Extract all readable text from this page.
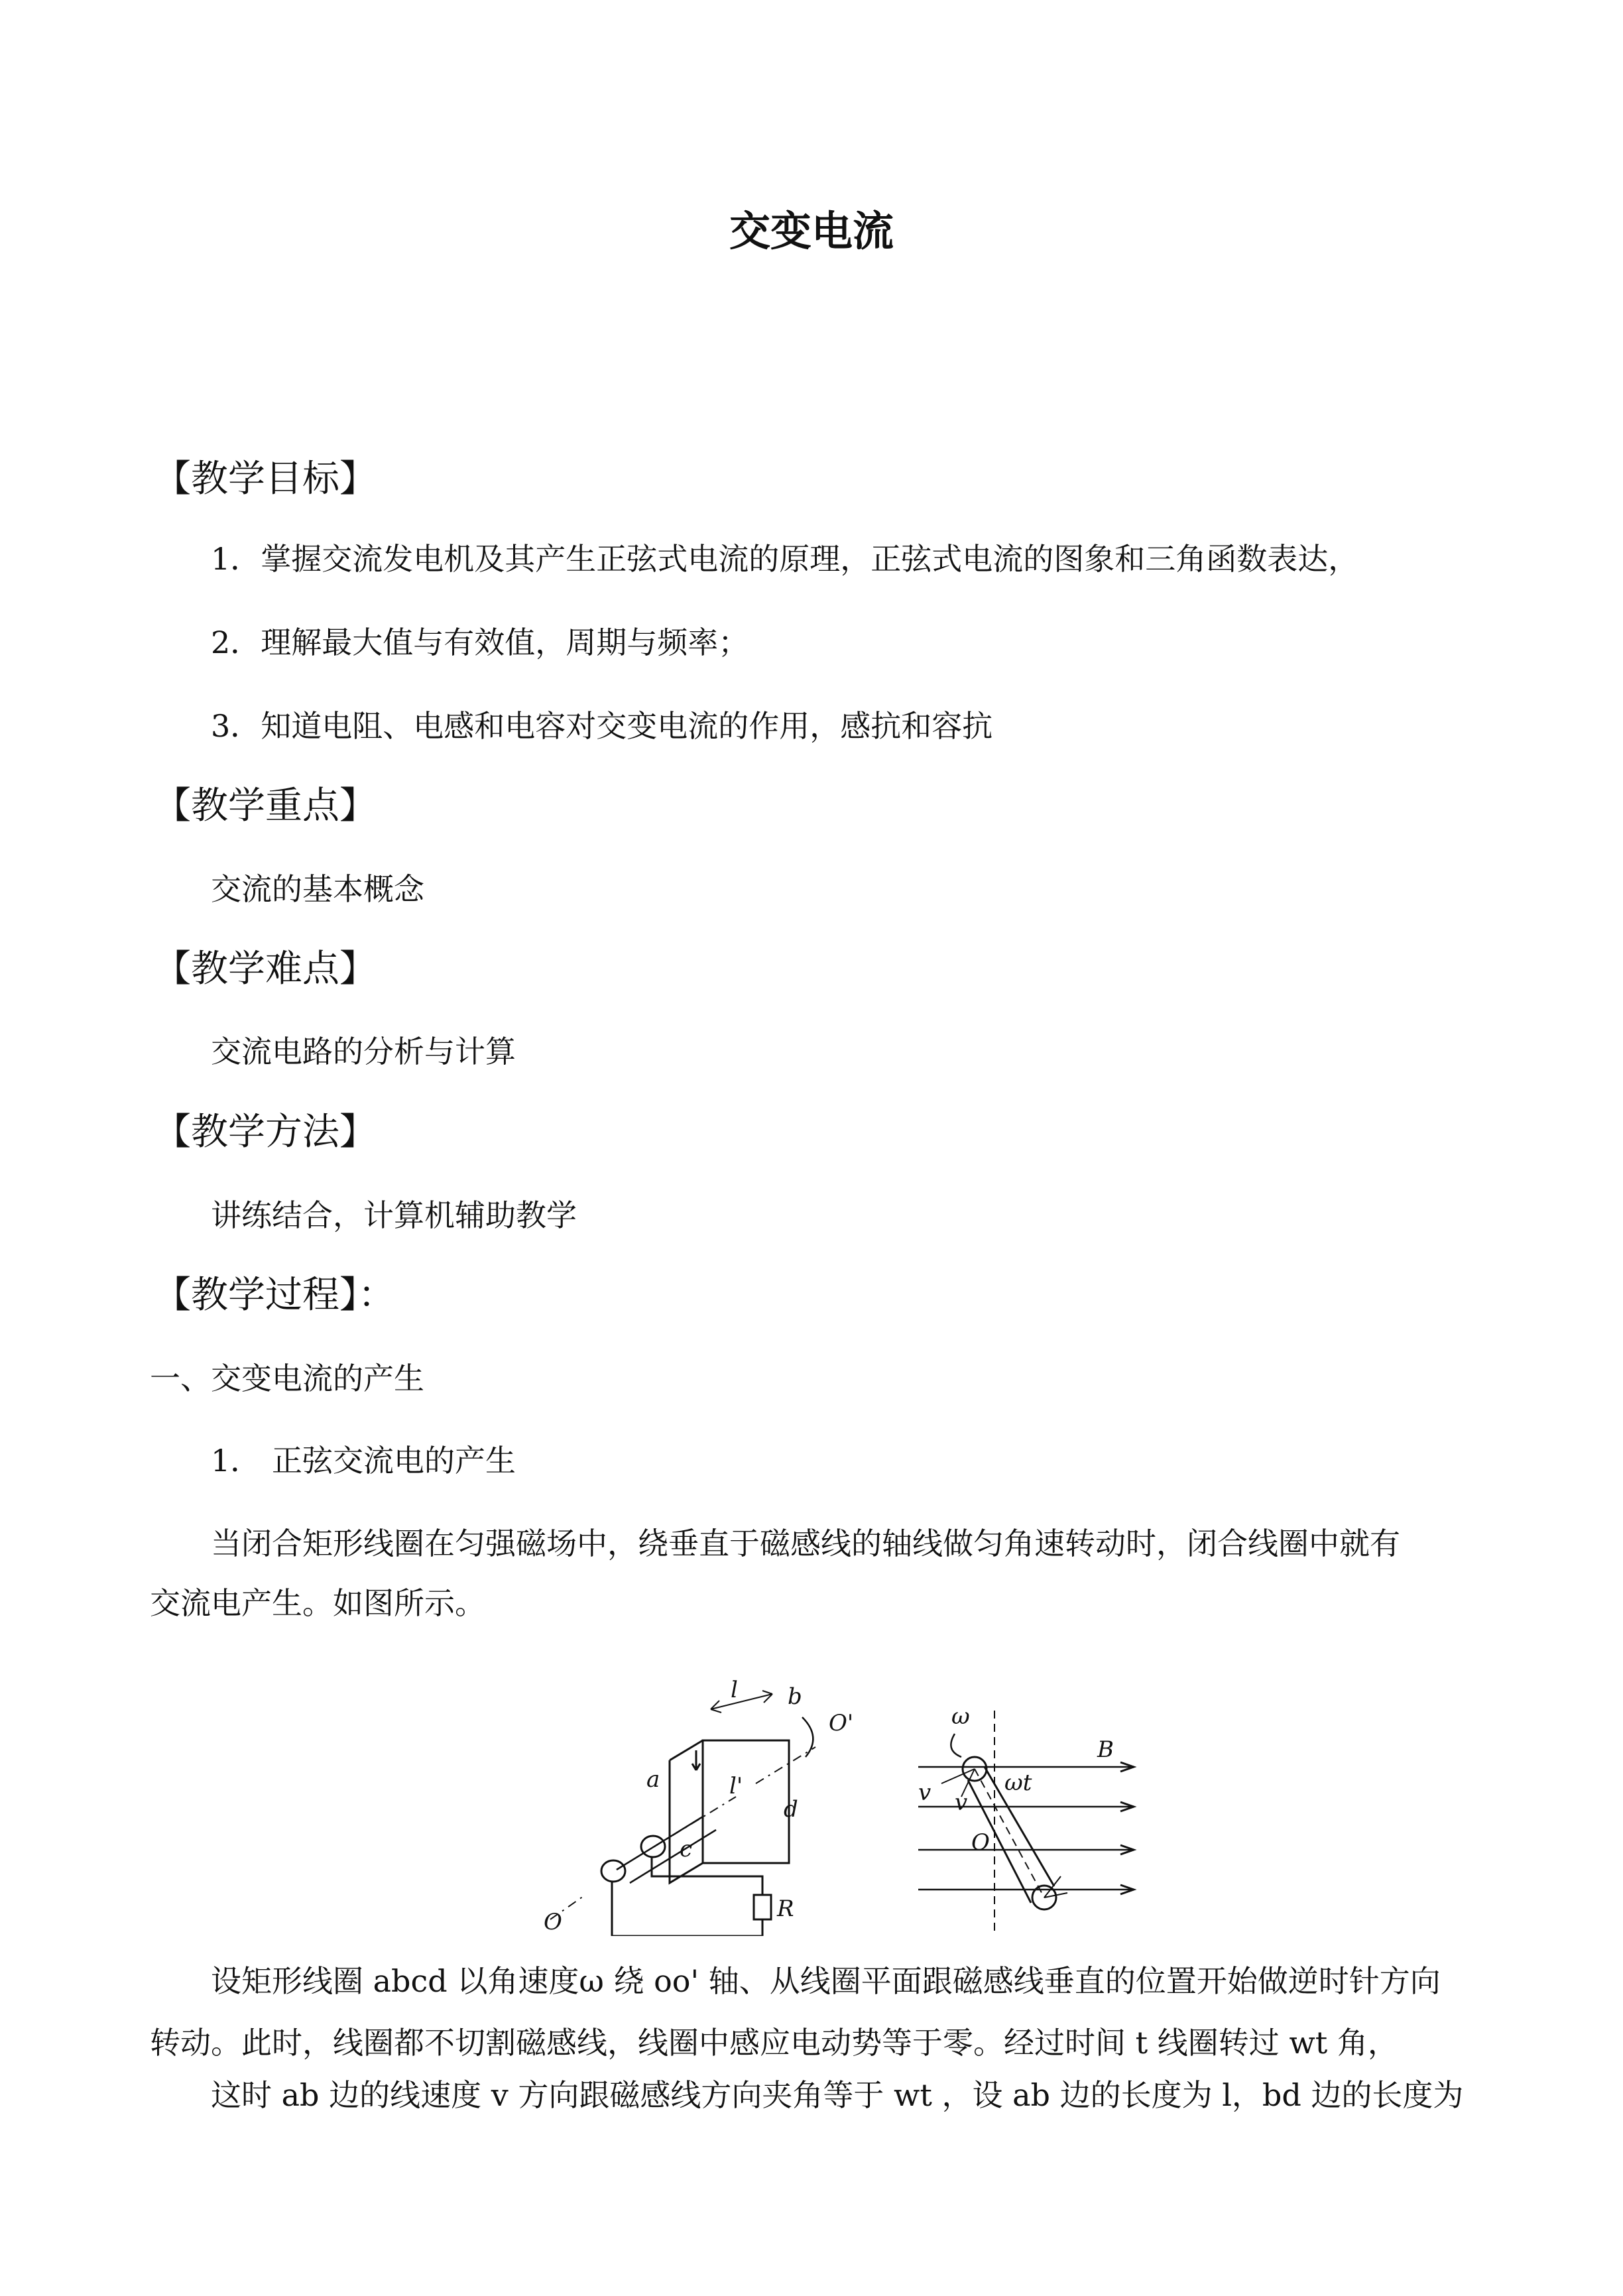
交变电流
【教学目标】
1．掌握交流发电机及其产生正弦式电流的原理，正弦式电流的图象和三角函数表达，
2．理解最大值与有效值，周期与频率；
3．知道电阻、电感和电容对交变电流的作用，感抗和容抗
【教学重点】
交流的基本概念
【教学难点】
交流电路的分析与计算
【教学方法】
讲练结合，计算机辅助教学
【教学过程】：
一、交变电流的产生
1． 正弦交流电的产生
当闭合矩形线圈在匀强磁场中，绕垂直于磁感线的轴线做匀角速转动时，闭合线圈中就有
交流电产生。如图所示。
l b
O'
a	l'
d
c
O	R
ω
B
v v
ωt
O
设矩形线圈 abcd 以角速度ω 绕 oo' 轴、从线圈平面跟磁感线垂直的位置开始做逆时针方向
转动。此时，线圈都不切割磁感线，线圈中感应电动势等于零。经过时间 t 线圈转过 wt 角，
这时 ab 边的线速度 v 方向跟磁感线方向夹角等于 wt ，设 ab 边的长度为 l，bd 边的长度为
